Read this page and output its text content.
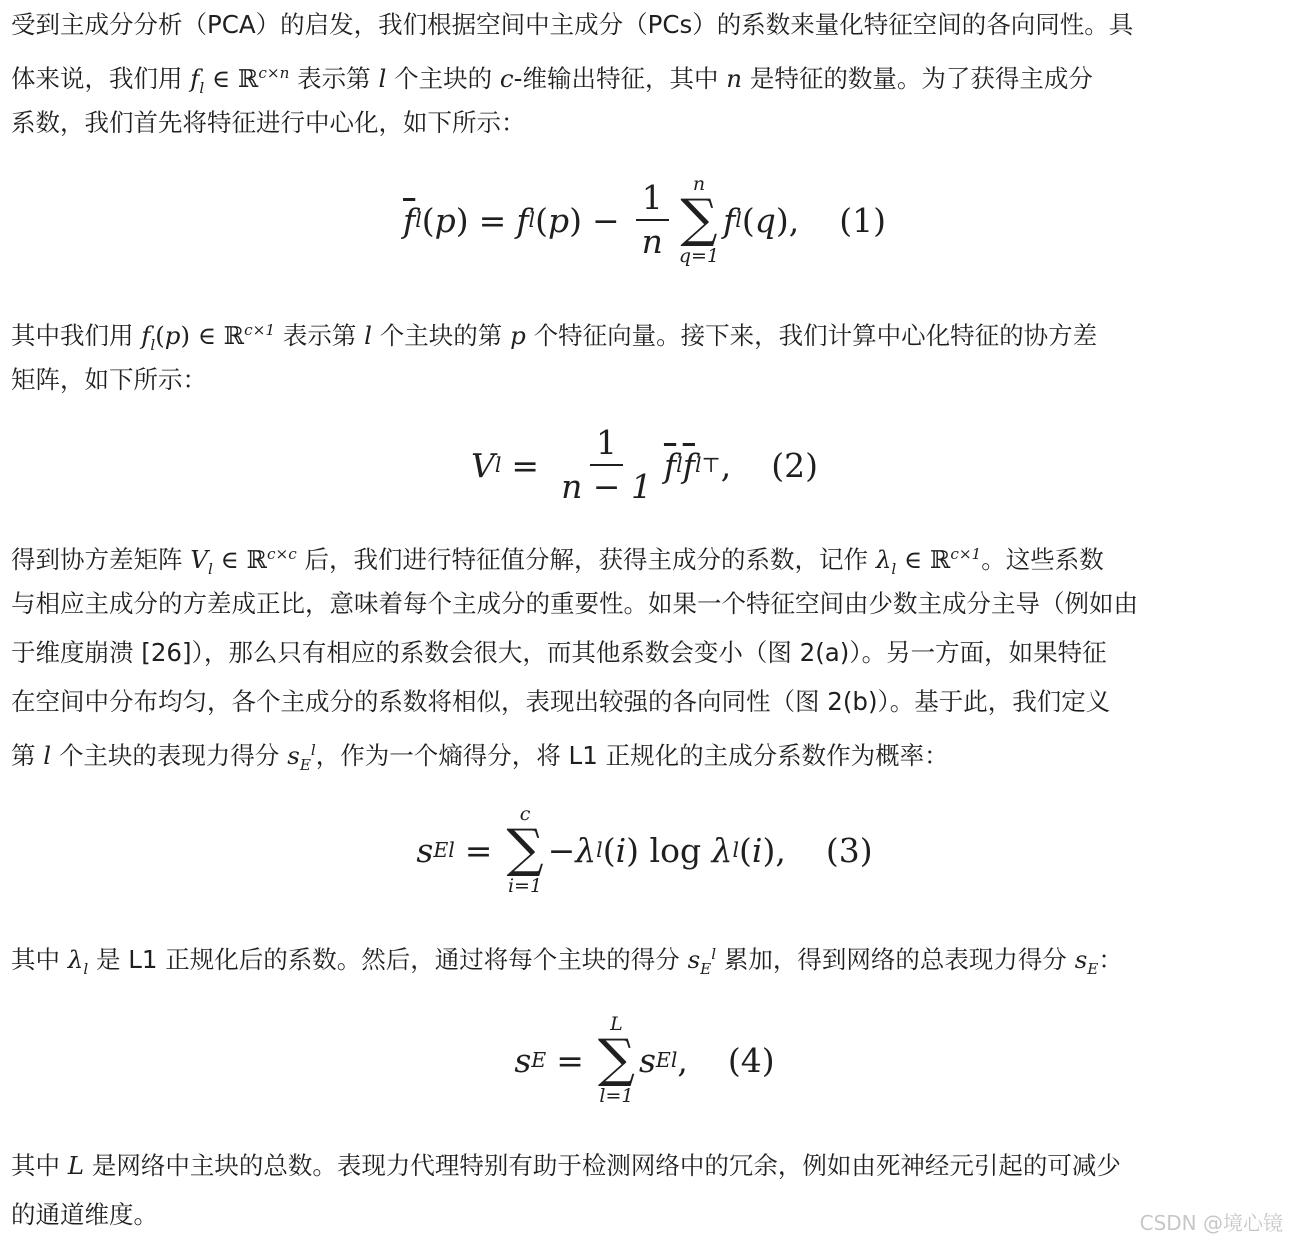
受到主成分分析（PCA）的启发，我们根据空间中主成分（PCs）的系数来量化特征空间的各向同性。具
体来说，我们用 $f_l$ ∈ ℝ$^{c\times n}$ 表示第 l 个主块的 c-维输出特征，其中 n 是特征的数量。为了获得主成分
系数，我们首先将特征进行中心化，如下所示：
$\overline{f}$ l ( p ) = f l ( p ) − $\frac{1}{n}$ n
∑
q=1
f l ( q ) , (1)
其中我们用 $f_l(p)$ ∈ ℝ$^{c\times 1}$ 表示第 l 个主块的第 p 个特征向量。接下来，我们计算中心化特征的协方差
矩阵，如下所示：
V $l = \frac{1}{n - 1} \overline{f}$ l $\overline{f}$ l ⊤ , (2)
得到协方差矩阵 $V_l$ ∈ ℝ$^{c\times c}$ 后，我们进行特征值分解，获得主成分的系数，记作 $\lambda_l$ ∈ ℝ$^{c\times 1}$。这些系数
与相应主成分的方差成正比，意味着每个主成分的重要性。如果一个特征空间由少数主成分主导（例如由
于维度崩溃 [26]），那么只有相应的系数会很大，而其他系数会变小（图 2(a)）。另一方面，如果特征
在空间中分布均匀，各个主成分的系数将相似，表现出较强的各向同性（图 2(b)）。基于此，我们定义
第 l 个主块的表现力得分 $s_E^l$，作为一个熵得分，将 L1 正规化的主成分系数作为概率：
s E l =
c
∑
i=1
− λ l ( i )
log
λ l ( i ) , (3)
其中 $\lambda_l$ 是 L1 正规化后的系数。然后，通过将每个主块的得分 $s_E^l$ 累加，得到网络的总表现力得分 $s_E$：
s E =
L
∑
l=1
s E l , (4)
其中 L 是网络中主块的总数。表现力代理特别有助于检测网络中的冗余，例如由死神经元引起的可减少
的通道维度。	CSDN @境心镜
